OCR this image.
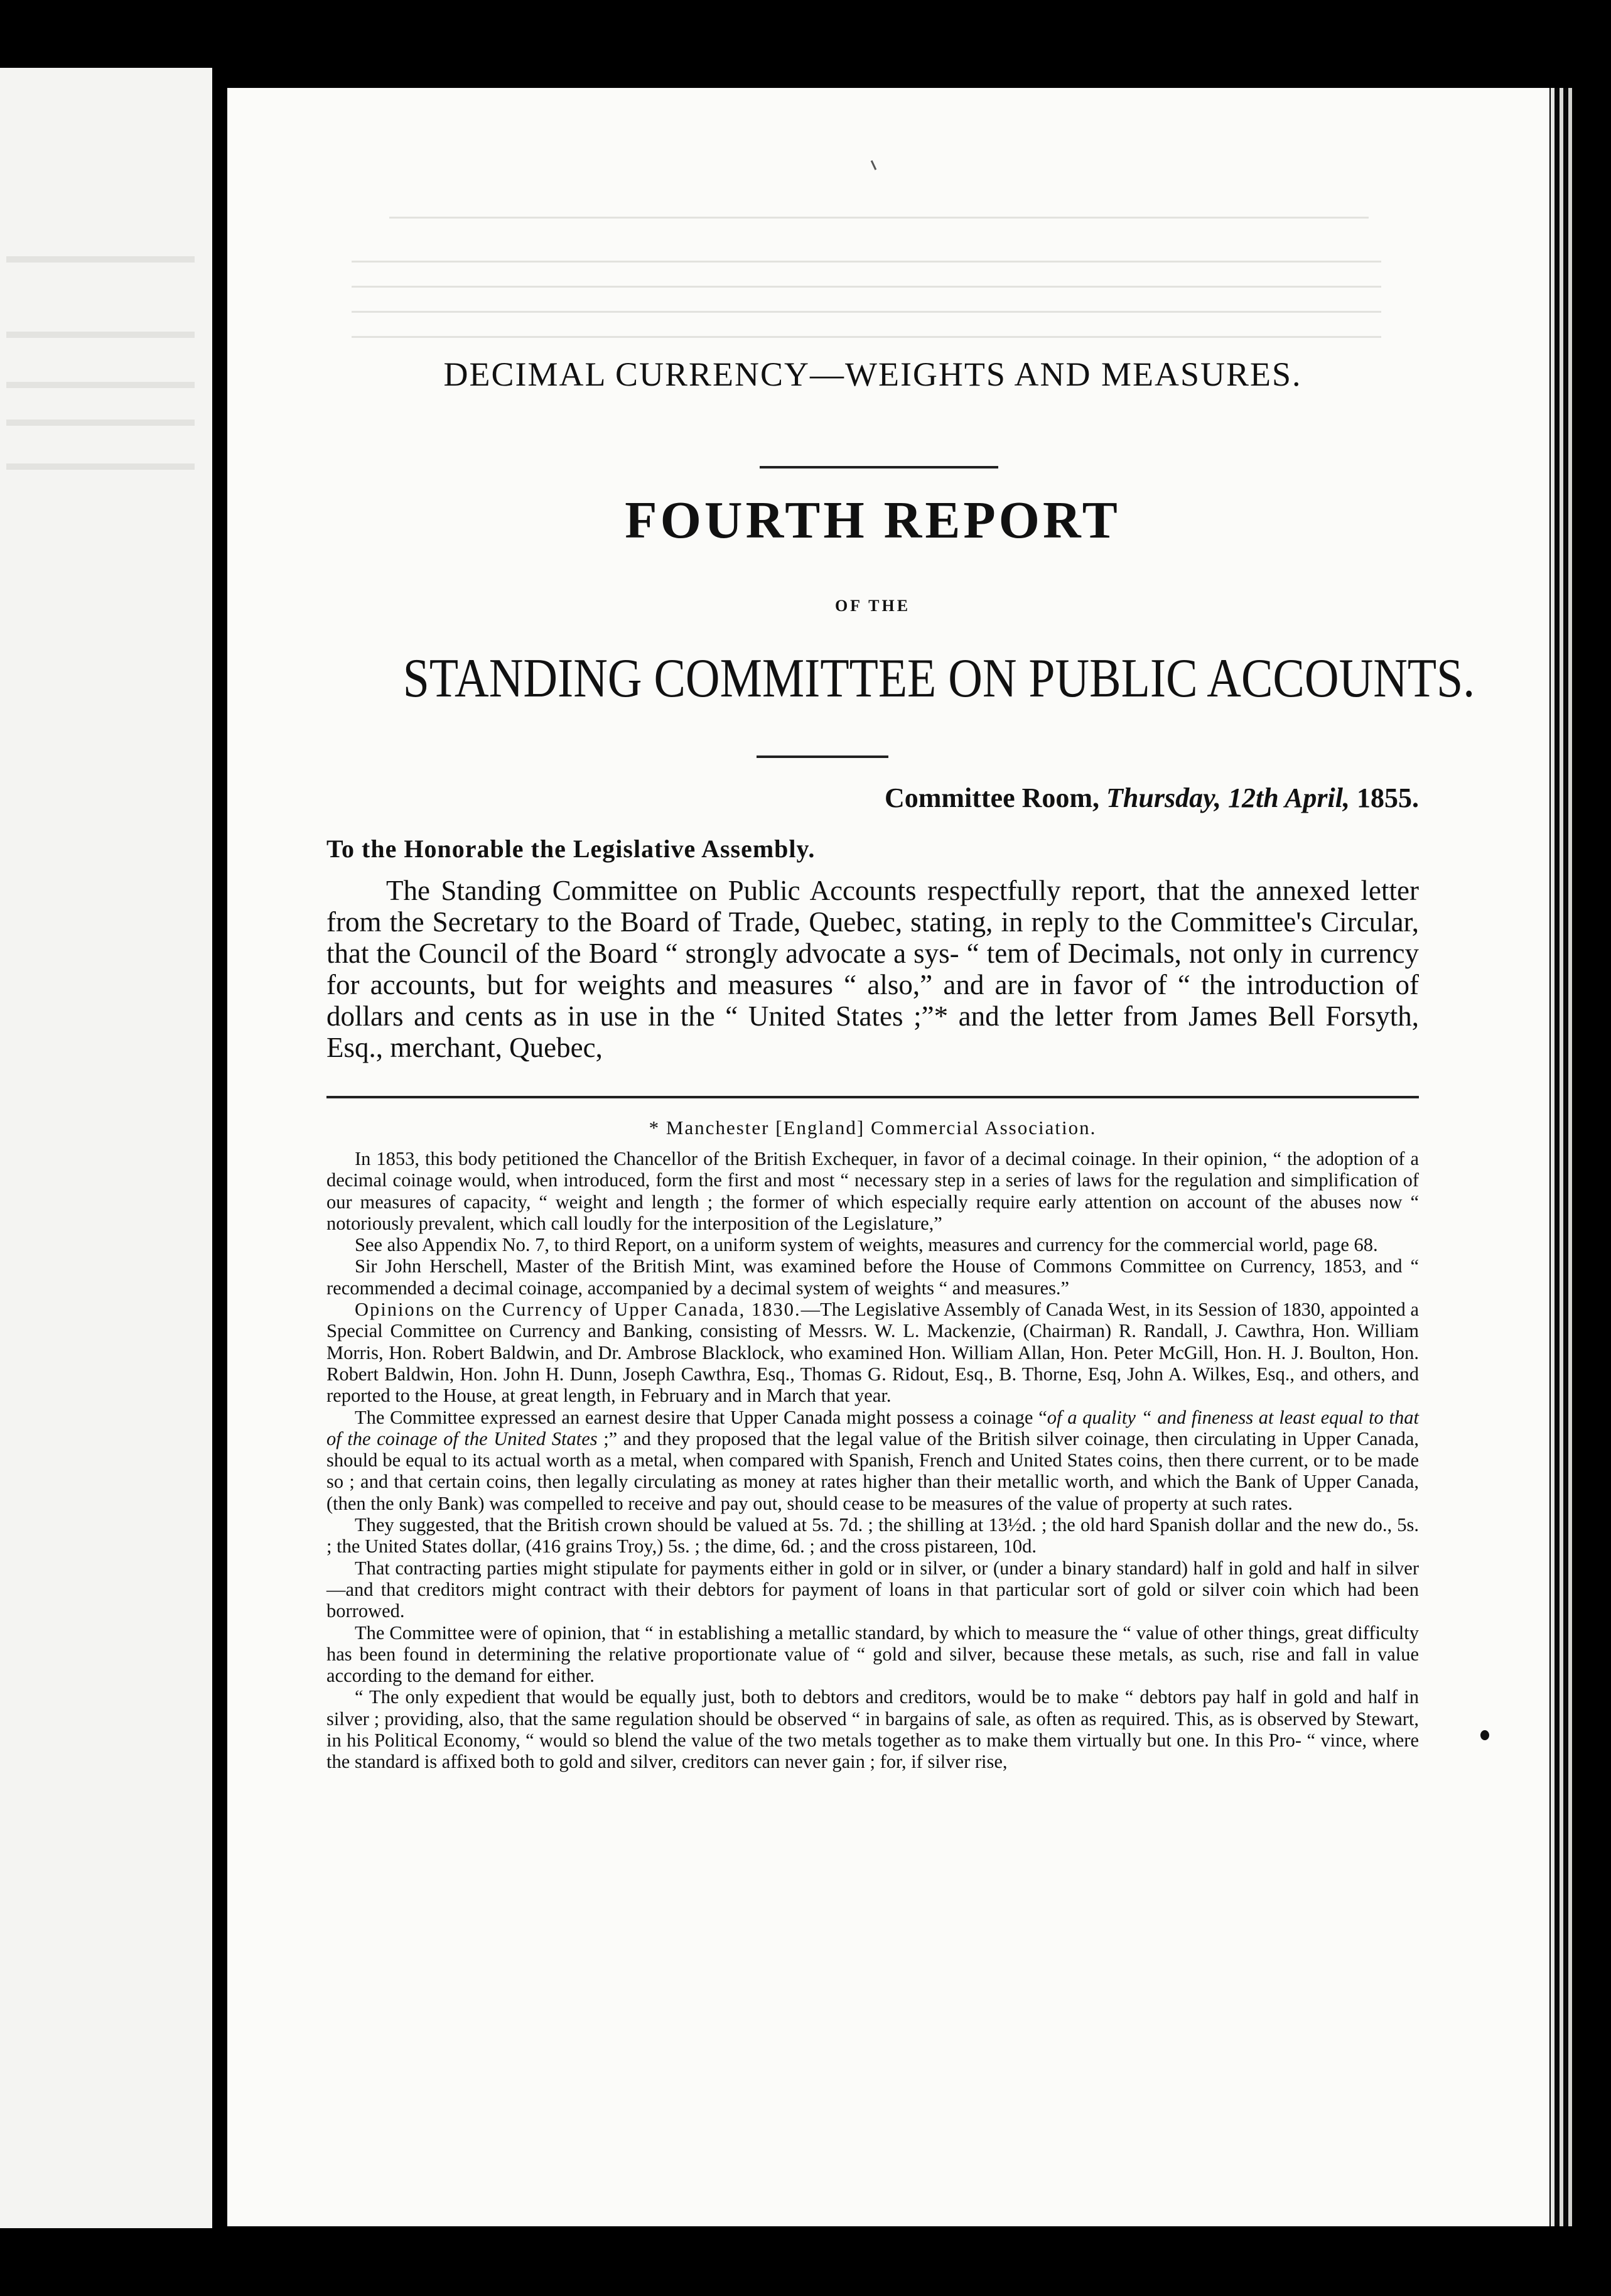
DECIMAL CURRENCY—WEIGHTS AND MEASURES.
FOURTH REPORT
OF THE
STANDING COMMITTEE ON PUBLIC ACCOUNTS.
Committee Room, Thursday, 12th April, 1855.
To the Honorable the Legislative Assembly.

The Standing Committee on Public Accounts respectfully report, that the annexed letter from the Secretary to the Board of Trade, Quebec, stating, in reply to the Committee's Circular, that the Council of the Board “ strongly advocate a sys- “ tem of Decimals, not only in currency for accounts, but for weights and measures “ also,” and are in favor of “ the introduction of dollars and cents as in use in the “ United States ;”* and the letter from James Bell Forsyth, Esq., merchant, Quebec,

* Manchester [England] Commercial Association.

In 1853, this body petitioned the Chancellor of the British Exchequer, in favor of a decimal coinage. In their opinion, “ the adoption of a decimal coinage would, when introduced, form the first and most “ necessary step in a series of laws for the regulation and simplification of our measures of capacity, “ weight and length ; the former of which especially require early attention on account of the abuses now “ notoriously prevalent, which call loudly for the interposition of the Legislature,”

See also Appendix No. 7, to third Report, on a uniform system of weights, measures and currency for the commercial world, page 68.

Sir John Herschell, Master of the British Mint, was examined before the House of Commons Committee on Currency, 1853, and “ recommended a decimal coinage, accompanied by a decimal system of weights “ and measures.”

Opinions on the Currency of Upper Canada, 1830.—The Legislative Assembly of Canada West, in its Session of 1830, appointed a Special Committee on Currency and Banking, consisting of Messrs. W. L. Mackenzie, (Chairman) R. Randall, J. Cawthra, Hon. William Morris, Hon. Robert Baldwin, and Dr. Ambrose Blacklock, who examined Hon. William Allan, Hon. Peter McGill, Hon. H. J. Boulton, Hon. Robert Baldwin, Hon. John H. Dunn, Joseph Cawthra, Esq., Thomas G. Ridout, Esq., B. Thorne, Esq, John A. Wilkes, Esq., and others, and reported to the House, at great length, in February and in March that year.

The Committee expressed an earnest desire that Upper Canada might possess a coinage “of a quality “ and fineness at least equal to that of the coinage of the United States ;” and they proposed that the legal value of the British silver coinage, then circulating in Upper Canada, should be equal to its actual worth as a metal, when compared with Spanish, French and United States coins, then there current, or to be made so ; and that certain coins, then legally circulating as money at rates higher than their metallic worth, and which the Bank of Upper Canada, (then the only Bank) was compelled to receive and pay out, should cease to be measures of the value of property at such rates.

They suggested, that the British crown should be valued at 5s. 7d. ; the shilling at 13½d. ; the old hard Spanish dollar and the new do., 5s. ; the United States dollar, (416 grains Troy,) 5s. ; the dime, 6d. ; and the cross pistareen, 10d.

That contracting parties might stipulate for payments either in gold or in silver, or (under a binary standard) half in gold and half in silver—and that creditors might contract with their debtors for payment of loans in that particular sort of gold or silver coin which had been borrowed.

The Committee were of opinion, that “ in establishing a metallic standard, by which to measure the “ value of other things, great difficulty has been found in determining the relative proportionate value of “ gold and silver, because these metals, as such, rise and fall in value according to the demand for either.

“ The only expedient that would be equally just, both to debtors and creditors, would be to make “ debtors pay half in gold and half in silver ; providing, also, that the same regulation should be observed “ in bargains of sale, as often as required. This, as is observed by Stewart, in his Political Economy, “ would so blend the value of the two metals together as to make them virtually but one. In this Pro- “ vince, where the standard is affixed both to gold and silver, creditors can never gain ; for, if silver rise,
